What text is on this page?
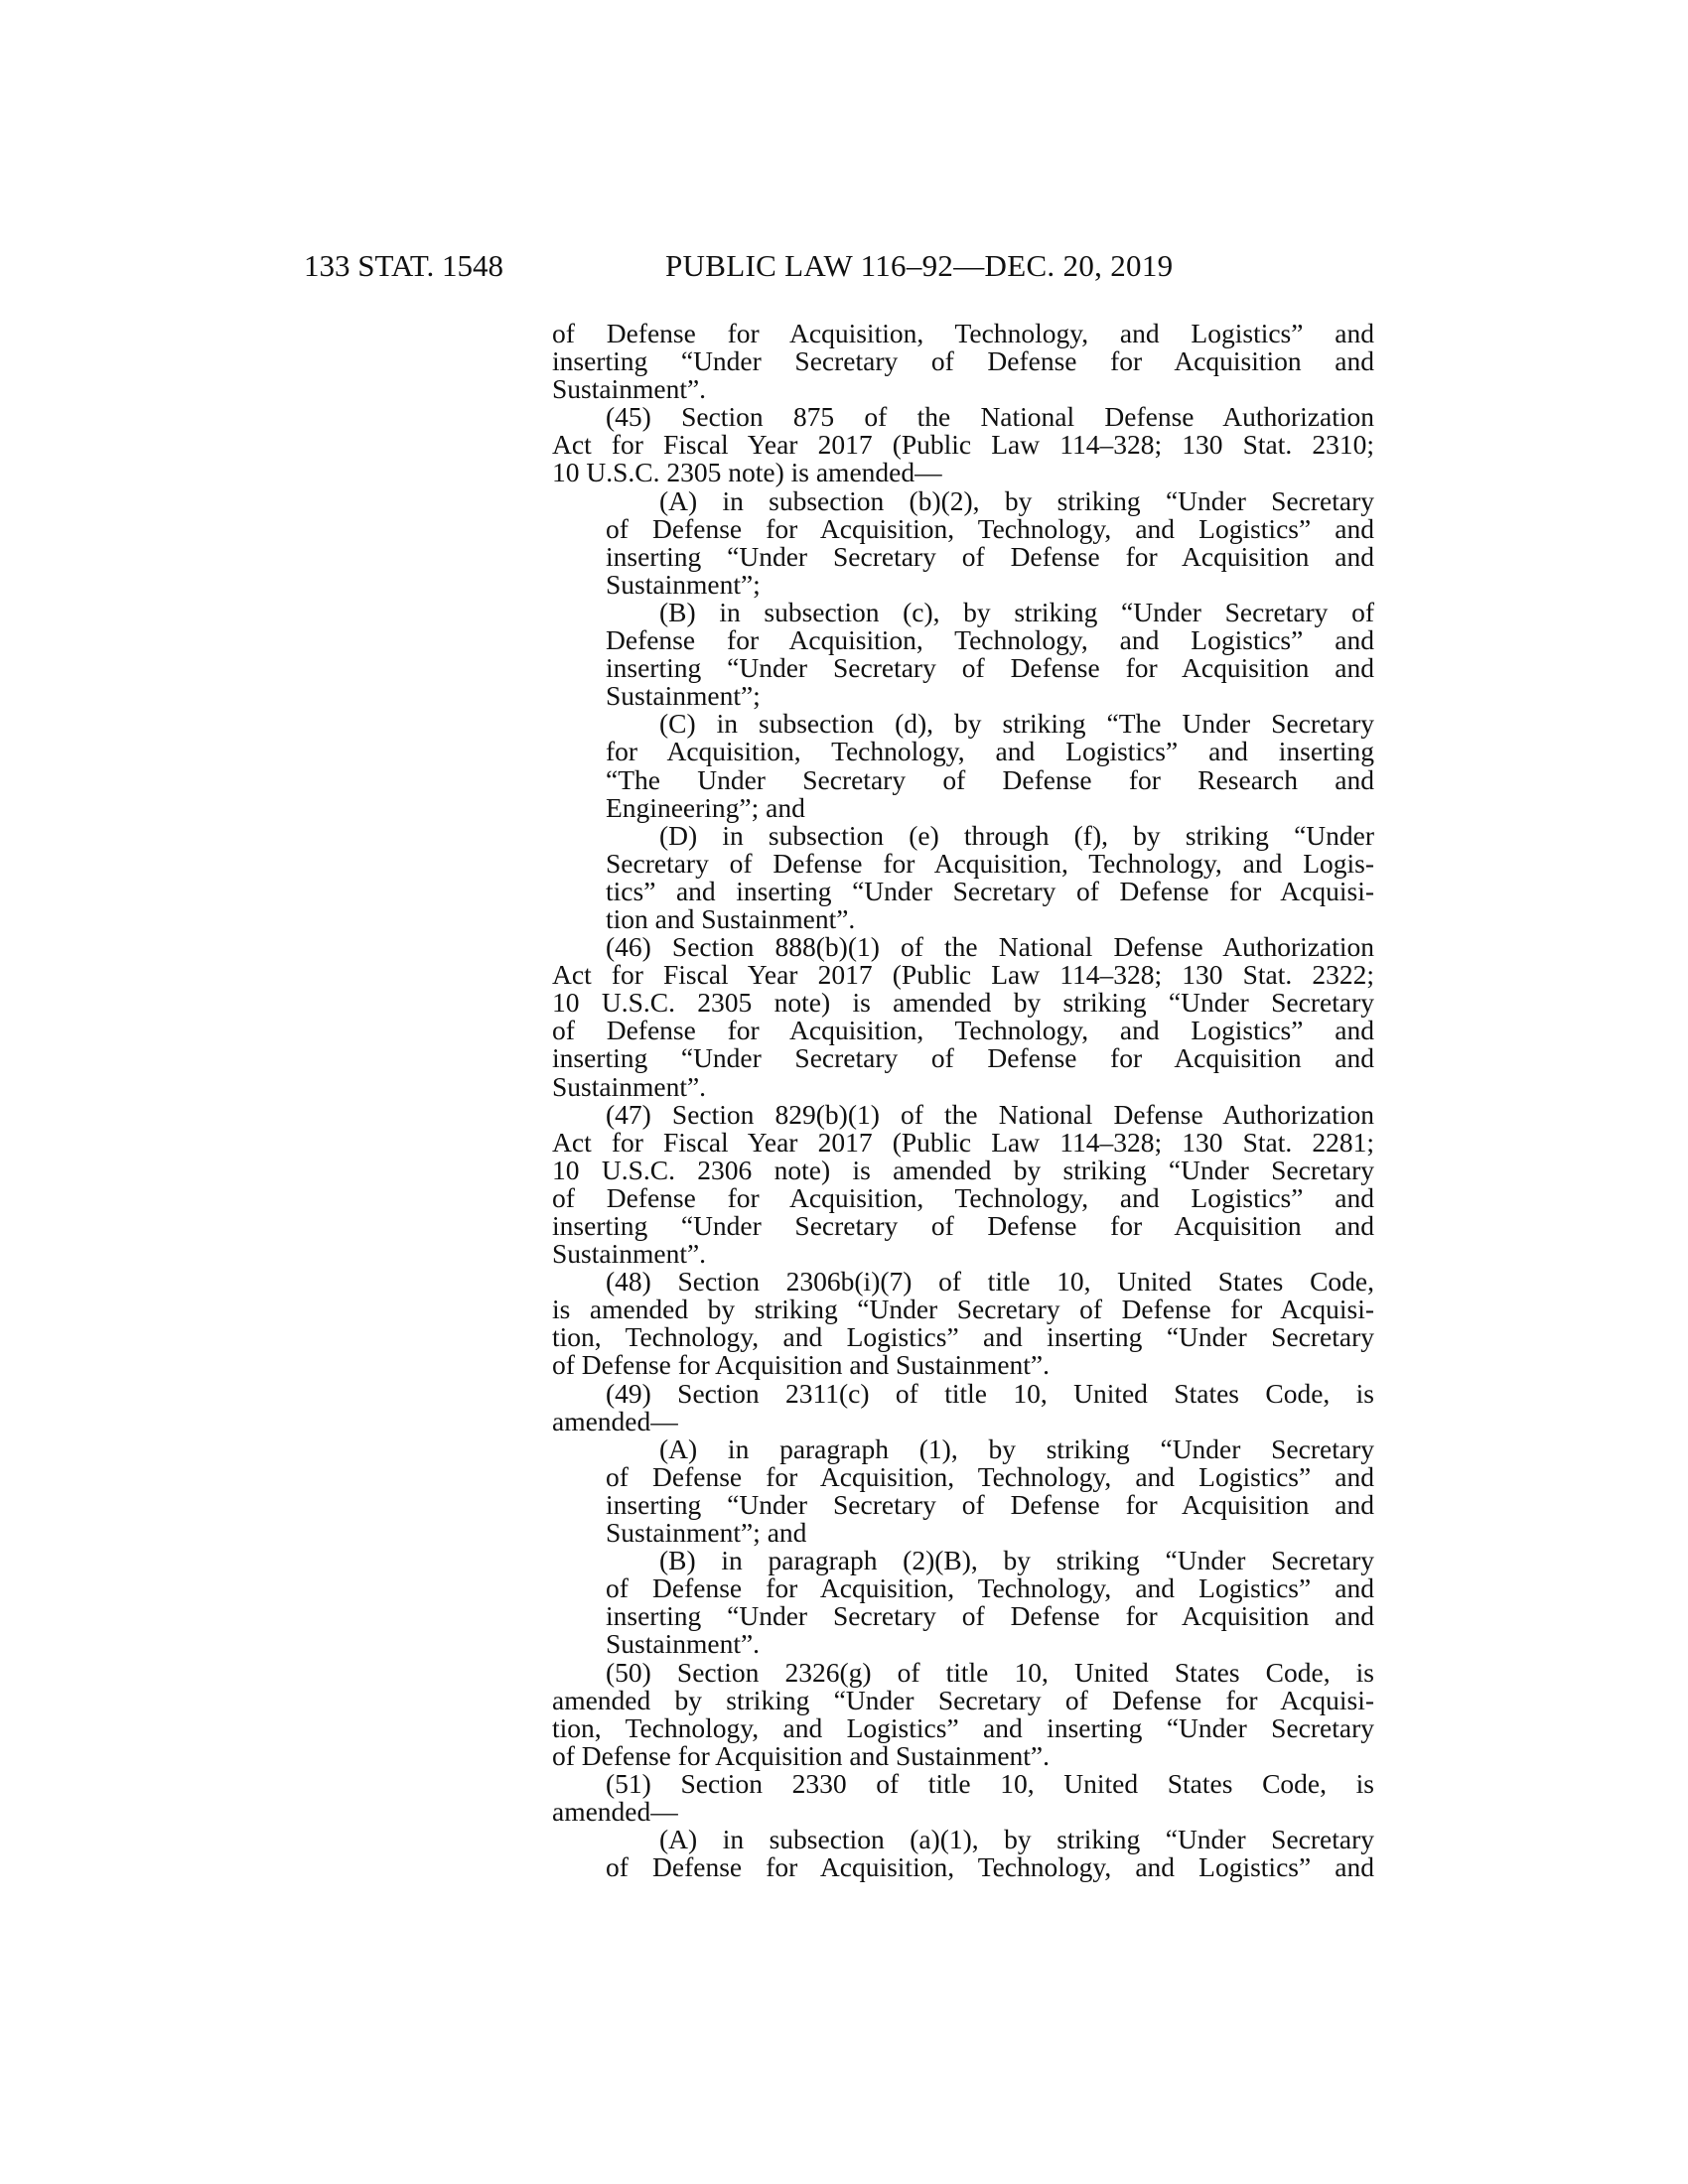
133 STAT. 1548	PUBLIC LAW 116–92—DEC. 20, 2019
of Defense for Acquisition, Technology, and Logistics” and
inserting “Under Secretary of Defense for Acquisition and
Sustainment”.
(45) Section 875 of the National Defense Authorization
Act for Fiscal Year 2017 (Public Law 114–328; 130 Stat. 2310;
10 U.S.C. 2305 note) is amended—
(A) in subsection (b)(2), by striking “Under Secretary
of Defense for Acquisition, Technology, and Logistics” and
inserting “Under Secretary of Defense for Acquisition and
Sustainment”;
(B) in subsection (c), by striking “Under Secretary of
Defense for Acquisition, Technology, and Logistics” and
inserting “Under Secretary of Defense for Acquisition and
Sustainment”;
(C) in subsection (d), by striking “The Under Secretary
for Acquisition, Technology, and Logistics” and inserting
“The Under Secretary of Defense for Research and
Engineering”; and
(D) in subsection (e) through (f), by striking “Under
Secretary of Defense for Acquisition, Technology, and Logis-
tics” and inserting “Under Secretary of Defense for Acquisi-
tion and Sustainment”.
(46) Section 888(b)(1) of the National Defense Authorization
Act for Fiscal Year 2017 (Public Law 114–328; 130 Stat. 2322;
10 U.S.C. 2305 note) is amended by striking “Under Secretary
of Defense for Acquisition, Technology, and Logistics” and
inserting “Under Secretary of Defense for Acquisition and
Sustainment”.
(47) Section 829(b)(1) of the National Defense Authorization
Act for Fiscal Year 2017 (Public Law 114–328; 130 Stat. 2281;
10 U.S.C. 2306 note) is amended by striking “Under Secretary
of Defense for Acquisition, Technology, and Logistics” and
inserting “Under Secretary of Defense for Acquisition and
Sustainment”.
(48) Section 2306b(i)(7) of title 10, United States Code,
is amended by striking “Under Secretary of Defense for Acquisi-
tion, Technology, and Logistics” and inserting “Under Secretary
of Defense for Acquisition and Sustainment”.
(49) Section 2311(c) of title 10, United States Code, is
amended—
(A) in paragraph (1), by striking “Under Secretary
of Defense for Acquisition, Technology, and Logistics” and
inserting “Under Secretary of Defense for Acquisition and
Sustainment”; and
(B) in paragraph (2)(B), by striking “Under Secretary
of Defense for Acquisition, Technology, and Logistics” and
inserting “Under Secretary of Defense for Acquisition and
Sustainment”.
(50) Section 2326(g) of title 10, United States Code, is
amended by striking “Under Secretary of Defense for Acquisi-
tion, Technology, and Logistics” and inserting “Under Secretary
of Defense for Acquisition and Sustainment”.
(51) Section 2330 of title 10, United States Code, is
amended—
(A) in subsection (a)(1), by striking “Under Secretary
of Defense for Acquisition, Technology, and Logistics” and
